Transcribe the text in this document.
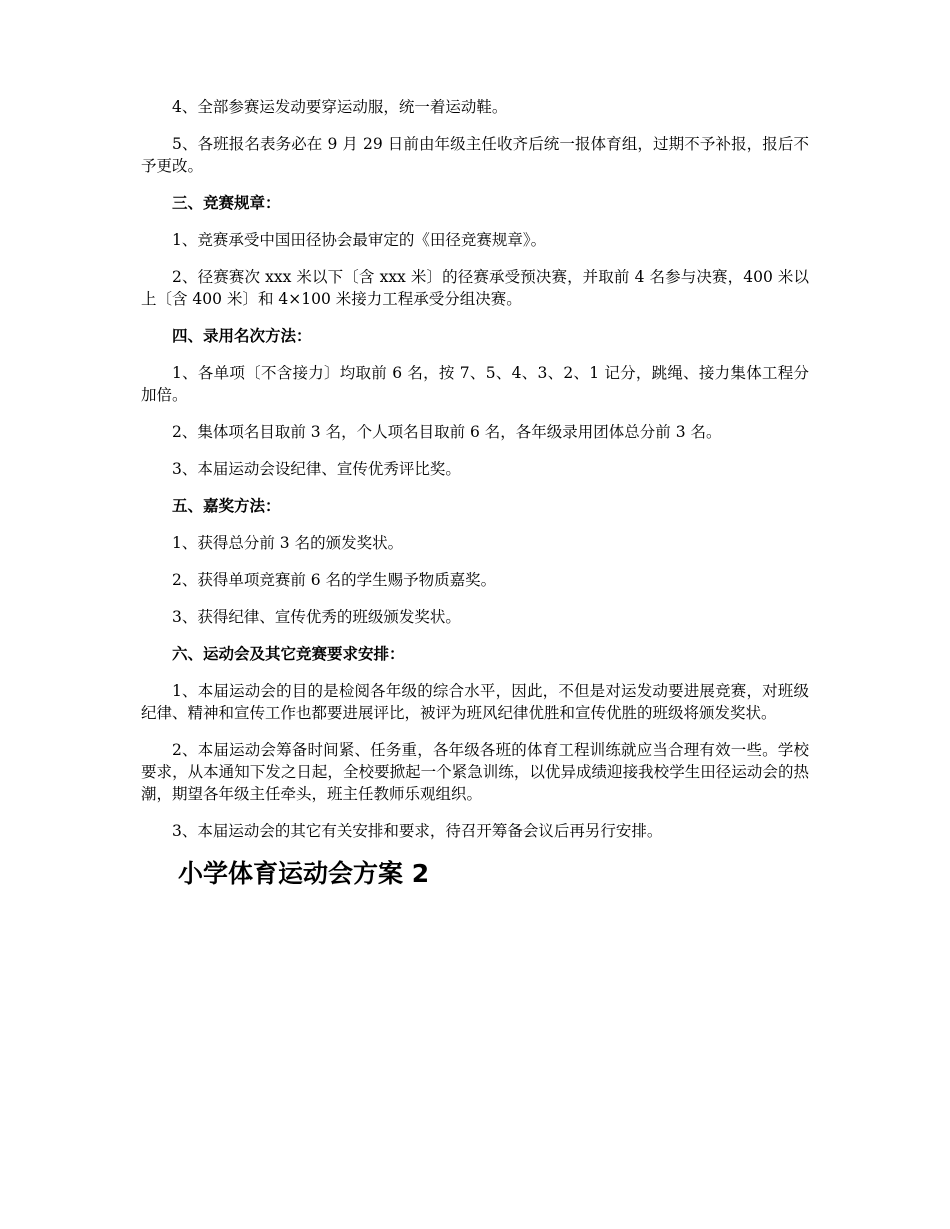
4、全部参赛运发动要穿运动服，统一着运动鞋。

5、各班报名表务必在 9 月 29 日前由年级主任收齐后统一报体育组，过期不予补报，报后不予更改。

三、竞赛规章：

1、竞赛承受中国田径协会最审定的《田径竞赛规章》。

2、径赛赛次 xxx 米以下〔含 xxx 米〕的径赛承受预决赛，并取前 4 名参与决赛，400 米以上〔含 400 米〕和 4×100 米接力工程承受分组决赛。

四、录用名次方法：

1、各单项〔不含接力〕均取前 6 名，按 7、5、4、3、2、1 记分，跳绳、接力集体工程分加倍。

2、集体项名目取前 3 名，个人项名目取前 6 名，各年级录用团体总分前 3 名。

3、本届运动会设纪律、宣传优秀评比奖。

五、嘉奖方法：

1、获得总分前 3 名的颁发奖状。

2、获得单项竞赛前 6 名的学生赐予物质嘉奖。

3、获得纪律、宣传优秀的班级颁发奖状。

六、运动会及其它竞赛要求安排：

1、本届运动会的目的是检阅各年级的综合水平，因此，不但是对运发动要进展竞赛，对班级纪律、精神和宣传工作也都要进展评比，被评为班风纪律优胜和宣传优胜的班级将颁发奖状。

2、本届运动会筹备时间紧、任务重，各年级各班的体育工程训练就应当合理有效一些。学校要求，从本通知下发之日起，全校要掀起一个紧急训练，以优异成绩迎接我校学生田径运动会的热潮，期望各年级主任牵头，班主任教师乐观组织。

3、本届运动会的其它有关安排和要求，待召开筹备会议后再另行安排。

小学体育运动会方案 2
